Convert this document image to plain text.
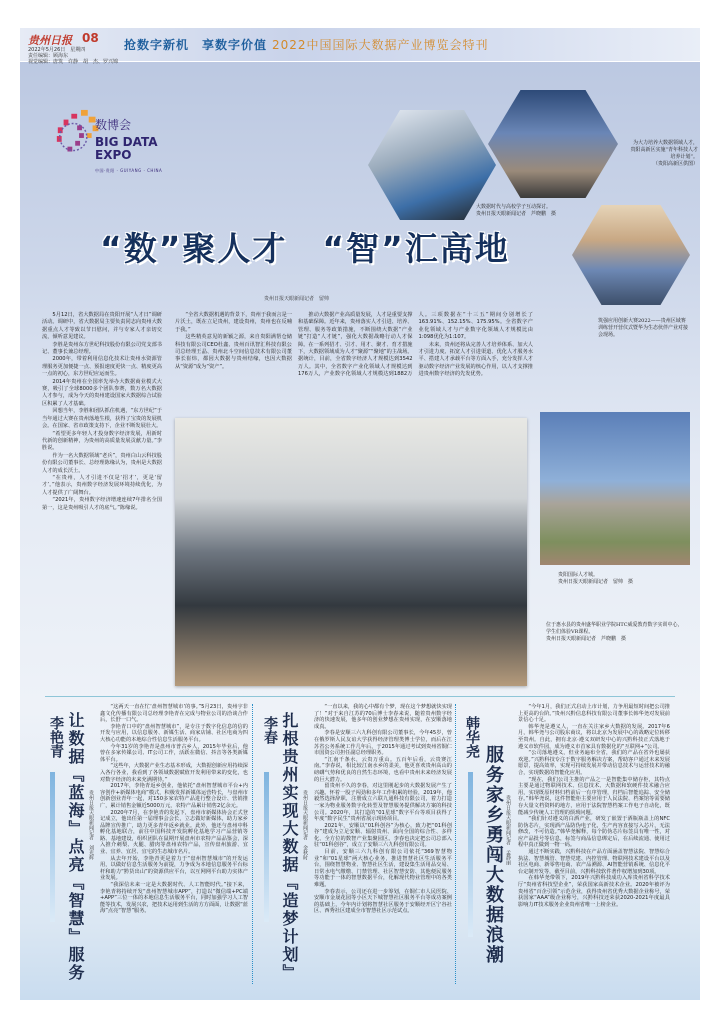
贵州日报 08
2022年5月26日　星期四
责任编辑：顾海东
视觉编辑：唐筑　许静　胡　杰、罗兴锦
抢数字新机　享数字价值 2022中国国际大数据产业博览会特刊
数博会
BIG DATA
EXPO
中国·贵阳 · GUIYANG · CHINA
大数据时代与高校学子互动探讨。
贵州日报天眼新闻记者　芦晓鹏　摄
为大力培养大数据领域人才，贵阳高新区实施“青年科技人才培养计划”。
（贵阳高新区供图）
“数”聚人才　“智”汇高地
贵州日报天眼新闻记者　留帅

5月12日，省大数据局在贵阳开展“人才日”调研活动。调研中，省大数据局主要负责同志向贵州大数据重点人才等致以节日慰问，并与专家人才亲切交流，倾听意见建议。

李胜是贵州东方世纪科技股份有限公司党支部书记、董事长兼总经理。

2000年，带着利用信息化技术让贵州水资源管理服务更加便捷一点、预报速度更快一点、精度更高一点的初心，东方世纪应运而生。

2014年贵州在全国率先举办大数据商业模式大赛，吸引了全球8000多个团队参赛，数万名大数据人才参与，成为今天的贵州建设国家大数据综合试验区积累了人才基础。

回想当年，李胜和团队抓住机遇，“东方世纪”于当年通过大赛在贵州落地生根，获得了宝贵的发展机会。在国家、省市政策支持下，企业不断发展壮大。

“希望更多年轻人才投身数字经济发展，用新时代新的创新精神，为贵州的高质量发展贡献力量。”李胜说。

作为一名大数据领域“老兵”，贵州白山云科技股份有限公司董事长、总经理陈缘认为，贵州是大数据人才的成长沃土。

“在贵州，人才引进不仅是‘招才’，更是‘留才’。”他表示，贵州数字经济发展环境持续优化，为人才提供了广阔舞台。

“2021年，贵州数字经济增速连续7年排名全国第一，这是贵州吸引人才的底气。”陈缘说。

“全省大数据机遇的背景下，贵州于我而言是一片沃土，既在立足贵州，建设贵州，贵州也在反哺于我。”

这些精英意见的新颖之源，来自贵阳满帮仓储科技有限公司CEO杜鑫、贵州百讯智汇科技有限公司总经理王晶、贵州北斗空间信息技术有限公司董事长崔炜，都因大数据与贵州结缘，也因大数据从“资源”成为“资产”。

推动大数据产业高质量发展，人才是重要支撑和基础保障。近年来，贵州落实人才引进、培养、管理、服务等政策措施，不断围绕大数据“产业链”打造“人才链”，强化大数据战略行动人才保障。在一系列招才、引才、用才、聚才、育才措施下，大数据领域成为人才“聚源”“聚地”的主战场。据统计，目前，全省数字经济人才规模达到3542万人。其中，全省数字产业化领域人才规模达到176万人，产业数字化领域人才规模达到1882万人。三项数据在“十三五”期间分别增长了163.91%、152.15%、175.95%。全省数字产业化领域人才与产业数字化领域人才规模比由1:098优化为1:107。

未来，贵州还将从完善人才培养体系、加大人才引进力度、拓宽人才引进渠道、优化人才服务水平、搭建人才承载平台等方面入手，充分发挥人才驱动数字经济产业发展的核心作用，以人才支撑推进贵州数字经济的先发优势。

筑强应用创新大赛2022——贵州区域赛训练营开营仪式暨华为生态伙伴产业对接会现场。
贵阳国际人才城。
贵州日报天眼新闻记者　留帅　摄
位于惠水县的贵州盛华职业学院HTC威爱教育数字实训中心，学生们体验VR课程。
贵州日报天眼新闻记者　芦晓鹏　摄
李艳青 让数据『蓝海』点亮『智慧』服务 贵州日报天眼新闻记者　刘光辉

“这两天一直在忙‘盘州智慧城市’的事。”5月23日，贵州宇非鑫文化传播有限公司总经理李艳青在完成与物业公司的洽谈合作后，长舒一口气。

李艳青口中的“盘州智慧城市”，是专注于数字化信息的信的开发与应用，以信息服务、新媒生活、商家店铺、社区电商为四大核心功能的本地综合性信息生活服务平台。

今年31岁的李艳青是盘州市普古乡人，2015年毕业后，他曾在多家传媒公司、IT公司工作，活跃在微信、抖音等各类新媒体平台。

“这些年，大数据产业生态基本形成，大数据创新应用持续深入各行各业，我看到了各领域数据赋值开发利用带来的变化，也对数字经济的未来充满期待。”

2017年，李艳青返乡创业，他依托“盘州智慧城市平台+内容创作+新媒体电商”模式，积极发挥新媒体运营特长，与盘州市创新创业青年一起，对150多家农特产品进行整合设计、营销推广，累计销售金额近5000万元，农特产品累计销售2亿余元。

2020年7月，在李艳青的发起下，盘州市新媒体协会正式登记成立，他出任第一届理事会会长，立志做好新媒体，助力家乡品牌宣传推广，助力更多青年返乡就业。此外，他还与盘州中科孵化基地联合，前往中国科技开发院孵化基地学习产品营销等路、基地建设，组织团队在鼠期开展盘州市农特产品品鉴会，深入推介刺梨、火腿、腊肉等盘州农特产品，宣传盘州旅游、宜业、宜养、宜居、宜宅的生态城市名片。

从去年开始，李艳青更是着力于“盘州智慧城市”的开发运用，以做好信息生活服务为前提，力争成为本地信息服务平台标杆和助力“黔货出山”的资源供应平台，以互网网平台助力实体产业发展。

“我深信未来一定是大数据时代、人工智能时代。”接下来，李艳青将持续开发“盘州智慧城市APP”，打造以“微信端+PC端+APP”三位一体的本地信息生活服务平台，同时加强学习人工智能等技术，发展兴农，把技术运用到生活的方方面面，让数据“蓝海”点亮“智慧”服务。

李春 扎根贵州实现大数据『造梦计划』 贵州日报天眼新闻记者　金秋时

“一直以来，我的心中都有个梦，现在这个梦想就快实现了！”对于来自江苏的70后博士李春来说，随着贵州数字经济的快速发展，他多年的创业梦想在贵州实现，在安顺落地成真。

李春是安顺三六九科创有限公司董事长，今年45岁，曾在俄罗斯人民友谊大学获得经济管理类博士学位，而后在江苏省公务系统工作几年后，于2015年通过考试到贵州省铜仁市国资公司担任副总经理职务。

“江南千条水，云贵万重山。五百年后看，云贵赛江南。”李春说，相比较江南水乡的柔美，他更喜欢贵州高山的磅礴气势和优良的自然生态环境，也看中贵州未来经济发展的巨大潜力。

留贵州不久的李春，对这里刚起步的大数据发展产生了兴趣。怀着一股子闯劲和多年工作积累的经验，2019年，他毅然选择辞职，注册成立六联九通科技有限公司，着力打造一家为物业服务数字化转型及智慧服务提供解决方案的科技公司。2020年，其打造的“01星球”数字平台等项目获得了年度“数字民生”贵州省展示现场项目。

2021年，安顺以“01科创谷”为核心，致力把“01科创谷”建成为立足安顺、辐射贵州、面向全国的综合性、多样化、全方位的数智产业集聚园区。李春也决定把公司总部入驻“01科创谷”，成立了安顺三六九科创有限公司。

目前，安顺三六九科创有限公司依托“369智慧物业”和“01星球”两大核心业务，推进智慧社区生活服务平台，围绕智慧物业、智慧社区生活，建设集生活用品交易、日常水电气缴缴、门禁管理、社区智慧安防、其他便民服务等功能于一体的智慧数据平台，化解现代物业管理中的各类难题。

李春表示，公司还在进一步筹划，在铜仁市人民医院、安顺市金晟花园等小区天下城智慧社区服务平台等成功案例的基础上，今年内计划将智慧社区服务于安顺经开区宁谷社区、西秀社区建成全市智慧社区示范试点。

韩华尧
服务家乡勇闯大数据浪潮 贵州日报天眼新闻记者　孟静丽

“今年1月，我们正式启动上市计划，力争用最短时间把公司推上更高的台阶。”贵州兴黔信息科技有限公司董事长韩华尧对发展前景信心十足。

韩华尧是遵义人，一直在关注家乡大数据的发展。2017年6月，韩华尧与公司股东商议，将以北京为发展中心的战略定位转移至贵州。自此，拥有北京·遵义双研发中心的兴黔科技正式落地于遵义市软件园，成为遵义市首家具有数据化的“互联网+”公司。

“公司落地遵义，但业务遍布全省，我们的产品在省外也屡获欢迎。”兴黔科技专注于数字服务解决方案，帮助客户通过未来发展愿景，提高效率，实现可持续发展并带动信息技术与运营技术的融合，实现数据的智能化应用。

“现在，我们公司主推的产品之一是智能集中储存柜，其特点主要是通过物联网技术、信息技术、大数据和软硬件技术融合应用，实现既原材料归档前后一有序管理，归档后智能追踪、安全储存。”韩华尧说，这件智能柜主要应用于人民法院、档案馆等需要储存大量文档资料的地方，应用于法院智慧档案工作电子自动化，既能减少传统人工管理的烦琐问题。

“我们针对遵义的白酒产业，研发了嵌置于酒瓶瓶盖上的NFC防伪芯片，实现酒产品防伪电子化，生产内容直接写入芯片，无法修改，不可仿造。”韩华尧解释，每个防伪芯片标签具有唯一性，对应产品批号等信息，标签与商品信息绑定后，在后续流通、使用过程中真正做到一物一码。

通过不断实践，兴黔科技在产品方面涵盖智慧法院、智慧综合执法、智慧城管、智慧党建、内控管理、物联网技术建设平台以及社区电商、新零售电商、农产品溯源、AI智能营销系统、信息化平台定制开发等，截至目前，兴黔科技软件著作权增加到30项。

在韩华尧带领下，2019年兴黔科技成功入库贵州省科学技术厅“贵州省科技型企业”，荣获国家高新技术企业。2020年被评为贵州省“百企引领”示范企业，获得贵州省优秀大数据企业称号，荣获国家“AAA”级企业称号，兴黔科技还荣获2020-2021年度最具影响力IT技术服务企业贵州省唯一上榜企业。
